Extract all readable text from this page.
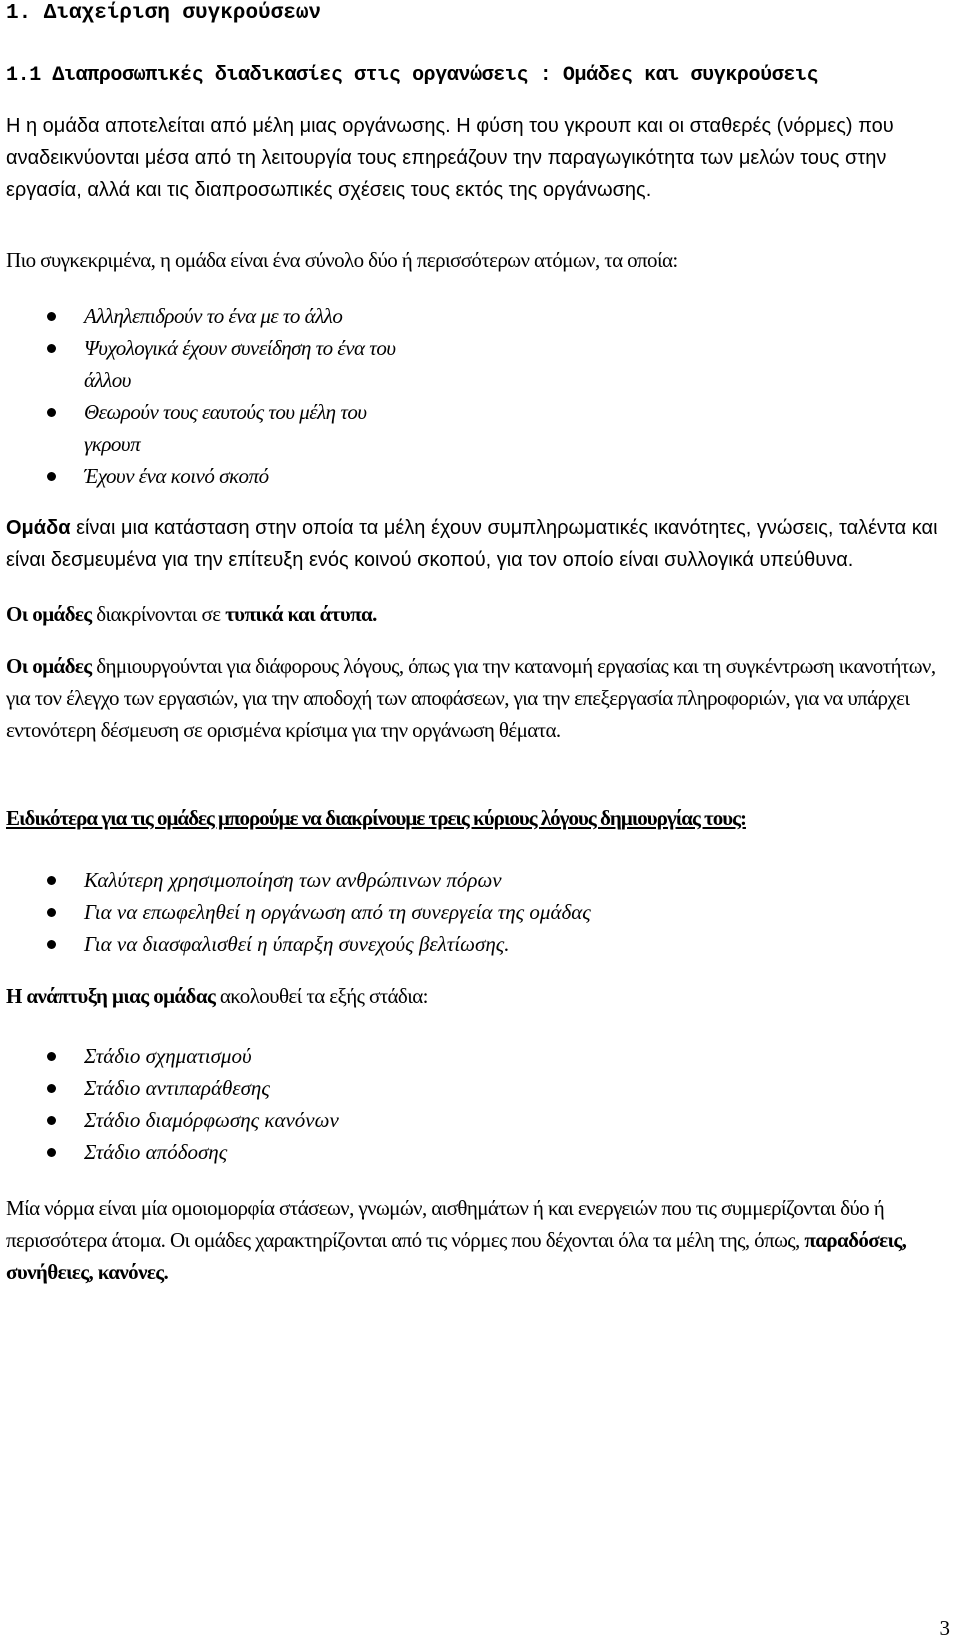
1. Διαχείριση συγκρούσεων
1.1 Διαπροσωπικές διαδικασίες στις οργανώσεις : Ομάδες και συγκρούσεις

Η η ομάδα αποτελείται από μέλη μιας οργάνωσης. Η φύση του γκρουπ και οι σταθερές (νόρμες) που αναδεικνύονται μέσα από τη λειτουργία τους επηρεάζουν την παραγωγικότητα των μελών τους στην εργασία, αλλά και τις διαπροσωπικές σχέσεις τους εκτός της οργάνωσης.

Πιο συγκεκριμένα, η ομάδα είναι ένα σύνολο δύο ή περισσότερων ατόμων, τα οποία:

Αλληλεπιδρούν το ένα με το άλλο
Ψυχολογικά έχουν συνείδηση το ένα του άλλου
Θεωρούν τους εαυτούς του μέλη του γκρουπ
Έχουν ένα κοινό σκοπό

Ομάδα είναι μια κατάσταση στην οποία τα μέλη έχουν συμπληρωματικές ικανότητες, γνώσεις, ταλέντα και είναι δεσμευμένα για την επίτευξη ενός κοινού σκοπού, για τον οποίο είναι συλλογικά υπεύθυνα.

Οι ομάδες διακρίνονται σε τυπικά και άτυπα.

Οι ομάδες δημιουργούνται για διάφορους λόγους, όπως για την κατανομή εργασίας και τη συγκέντρωση ικανοτήτων, για τον έλεγχο των εργασιών, για την αποδοχή των αποφάσεων, για την επεξεργασία πληροφοριών, για να υπάρχει εντονότερη δέσμευση σε ορισμένα κρίσιμα για την οργάνωση θέματα.

Ειδικότερα για τις ομάδες μπορούμε να διακρίνουμε τρεις κύριους λόγους δημιουργίας τους:

Καλύτερη χρησιμοποίηση των ανθρώπινων πόρων
Για να επωφεληθεί η οργάνωση από τη συνεργεία της ομάδας
Για να διασφαλισθεί η ύπαρξη συνεχούς βελτίωσης.

Η ανάπτυξη μιας ομάδας ακολουθεί τα εξής στάδια:

Στάδιο σχηματισμού
Στάδιο αντιπαράθεσης
Στάδιο διαμόρφωσης κανόνων
Στάδιο απόδοσης

Μία νόρμα είναι μία ομοιομορφία στάσεων, γνωμών, αισθημάτων ή και ενεργειών που τις συμμερίζονται δύο ή περισσότερα άτομα. Οι ομάδες χαρακτηρίζονται από τις νόρμες που δέχονται όλα τα μέλη της, όπως, παραδόσεις, συνήθειες, κανόνες.

3
